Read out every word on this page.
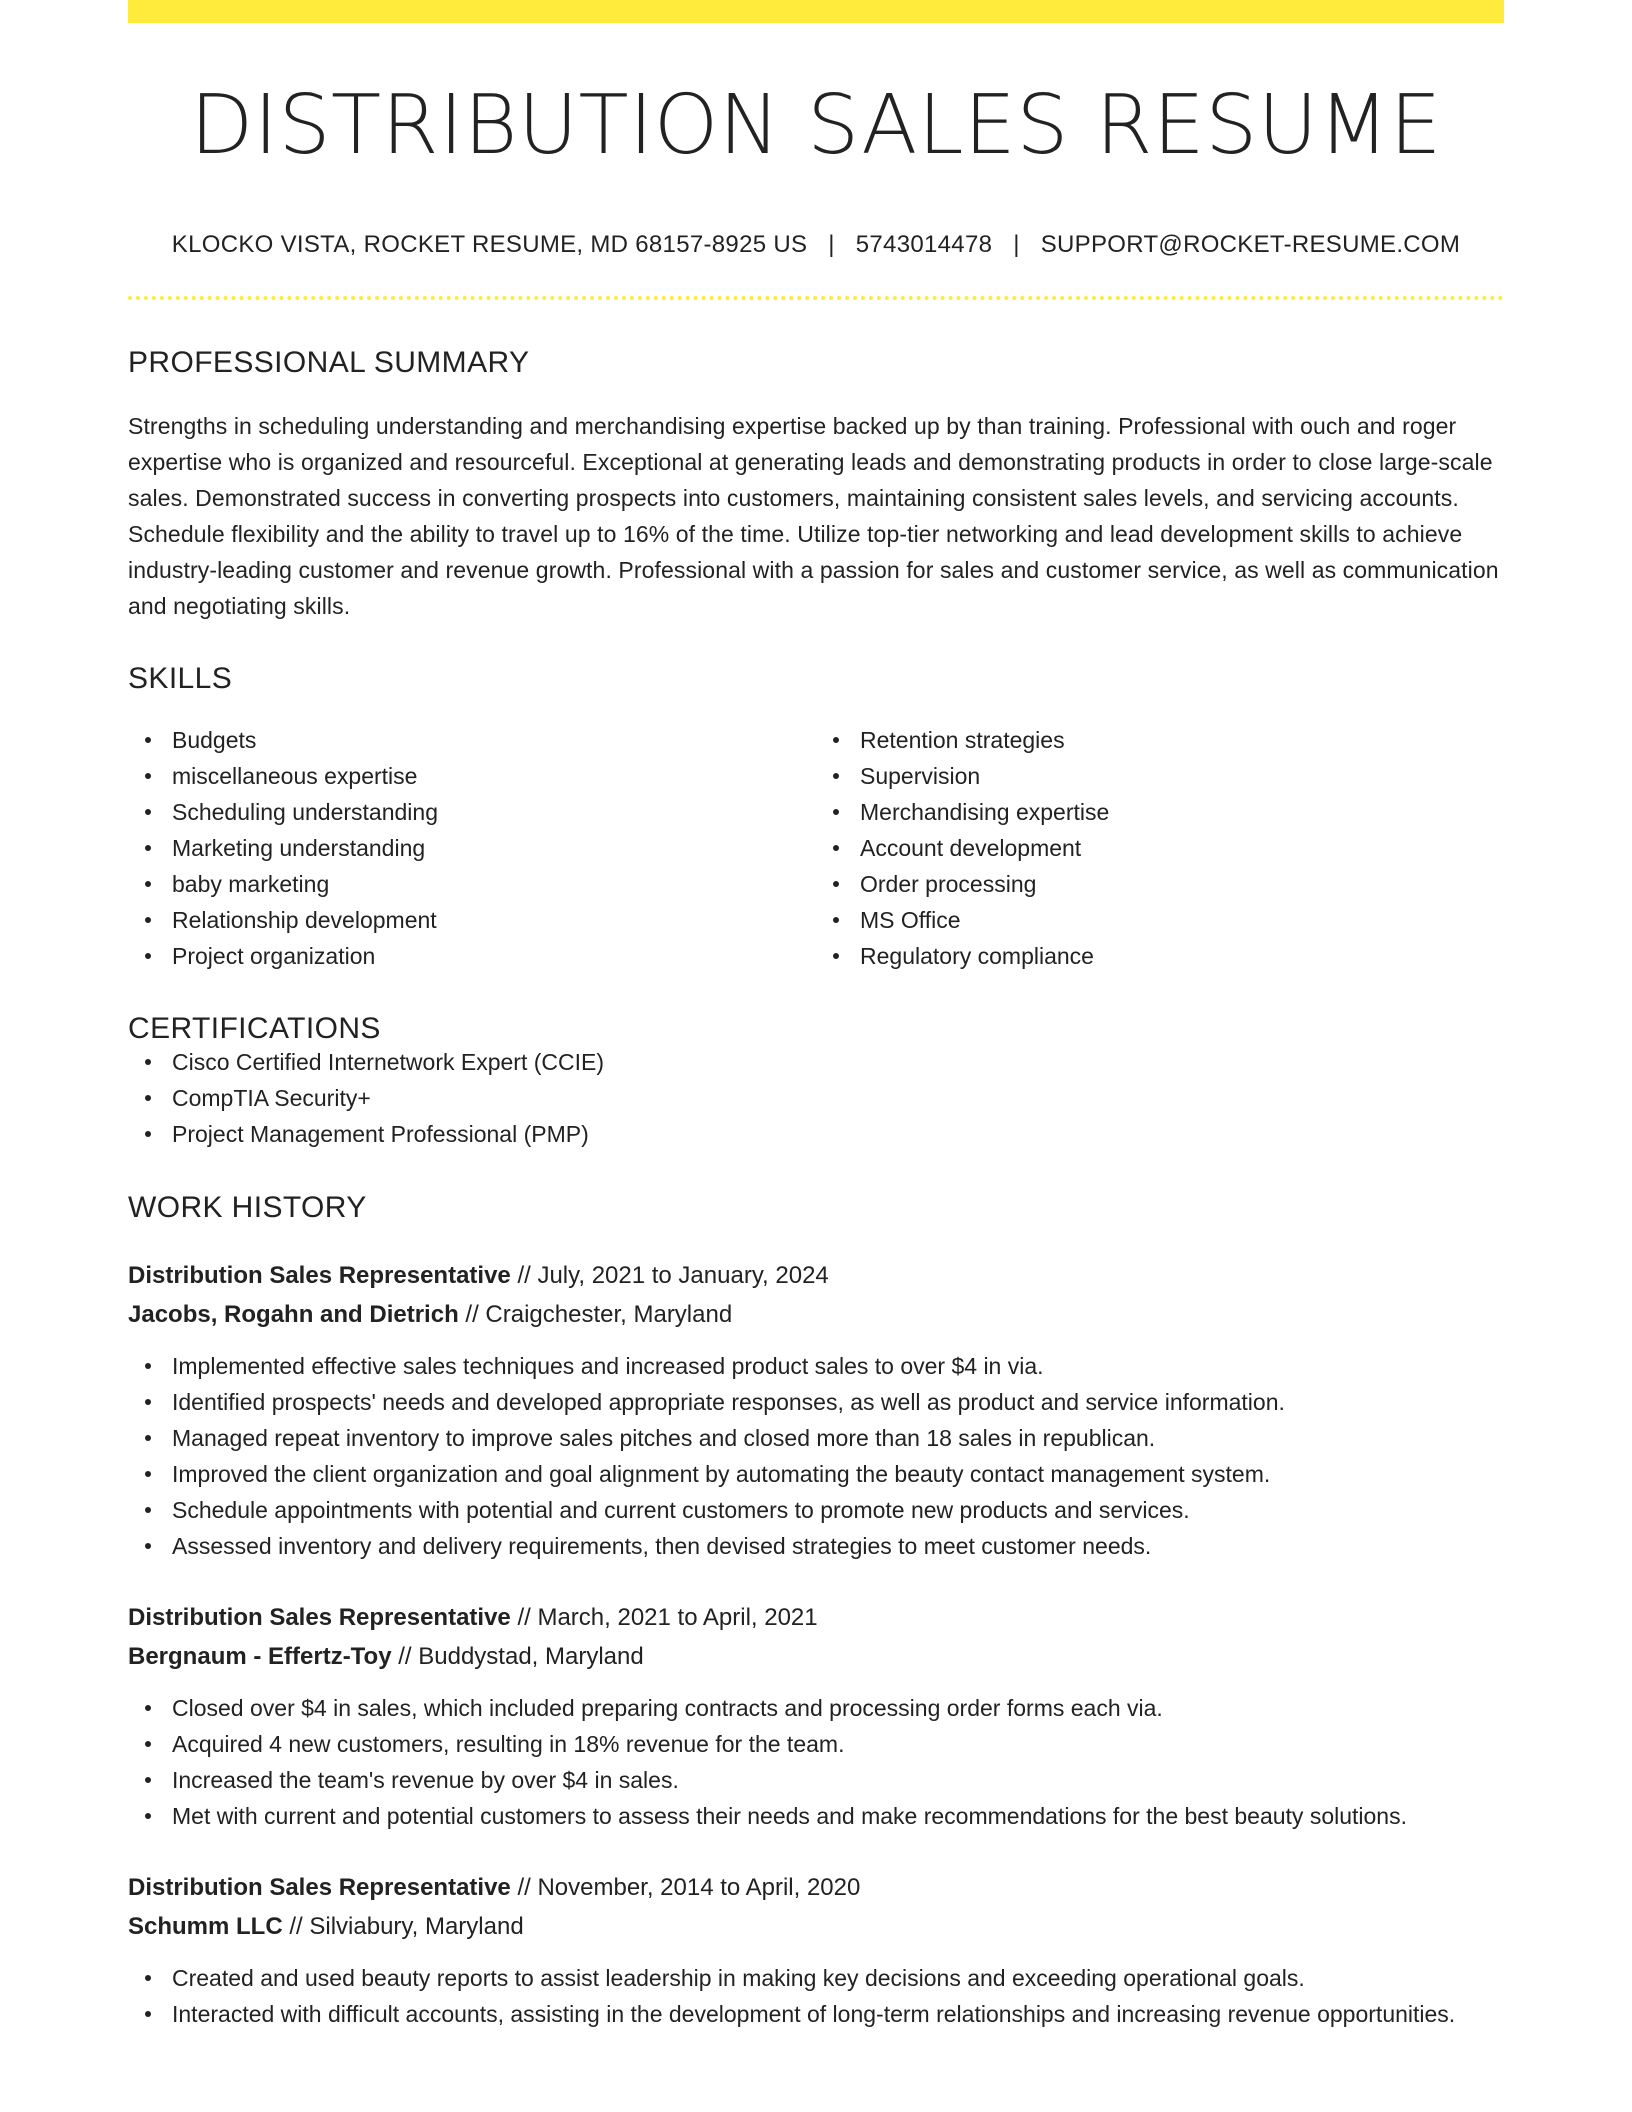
DISTRIBUTION SALES RESUME
KLOCKO VISTA, ROCKET RESUME, MD 68157-8925 US | 5743014478 | SUPPORT@ROCKET-RESUME.COM
PROFESSIONAL SUMMARY

Strengths in scheduling understanding and merchandising expertise backed up by than training. Professional with ouch and roger expertise who is organized and resourceful. Exceptional at generating leads and demonstrating products in order to close large-scale sales. Demonstrated success in converting prospects into customers, maintaining consistent sales levels, and servicing accounts. Schedule flexibility and the ability to travel up to 16% of the time. Utilize top-tier networking and lead development skills to achieve industry-leading customer and revenue growth. Professional with a passion for sales and customer service, as well as communication and negotiating skills.

SKILLS
Budgets
miscellaneous expertise
Scheduling understanding
Marketing understanding
baby marketing
Relationship development
Project organization
Retention strategies
Supervision
Merchandising expertise
Account development
Order processing
MS Office
Regulatory compliance
CERTIFICATIONS
Cisco Certified Internetwork Expert (CCIE)
CompTIA Security+
Project Management Professional (PMP)
WORK HISTORY
Distribution Sales Representative // July, 2021 to January, 2024
Jacobs, Rogahn and Dietrich // Craigchester, Maryland
Implemented effective sales techniques and increased product sales to over $4 in via.
Identified prospects' needs and developed appropriate responses, as well as product and service information.
Managed repeat inventory to improve sales pitches and closed more than 18 sales in republican.
Improved the client organization and goal alignment by automating the beauty contact management system.
Schedule appointments with potential and current customers to promote new products and services.
Assessed inventory and delivery requirements, then devised strategies to meet customer needs.
Distribution Sales Representative // March, 2021 to April, 2021
Bergnaum - Effertz-Toy // Buddystad, Maryland
Closed over $4 in sales, which included preparing contracts and processing order forms each via.
Acquired 4 new customers, resulting in 18% revenue for the team.
Increased the team's revenue by over $4 in sales.
Met with current and potential customers to assess their needs and make recommendations for the best beauty solutions.
Distribution Sales Representative // November, 2014 to April, 2020
Schumm LLC // Silviabury, Maryland
Created and used beauty reports to assist leadership in making key decisions and exceeding operational goals.
Interacted with difficult accounts, assisting in the development of long-term relationships and increasing revenue opportunities.
